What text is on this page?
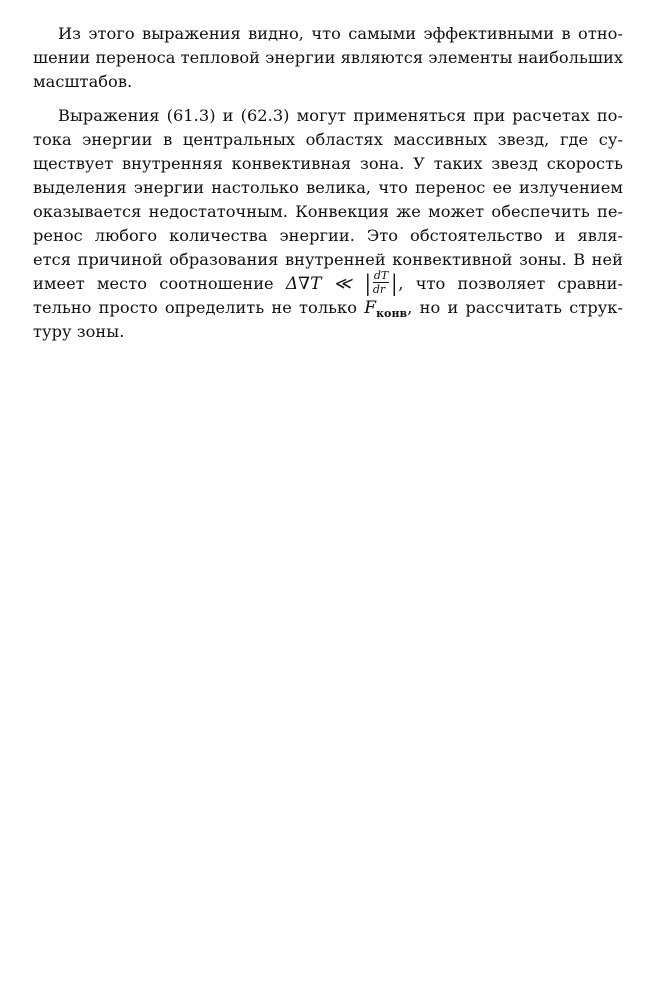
Из этого выражения видно, что самыми эффективными в отно-
шении переноса тепловой энергии являются элементы наибольших
масштабов.
Выражения (61.3) и (62.3) могут применяться при расчетах по-
тока энергии в центральных областях массивных звезд, где су-
ществует внутренняя конвективная зона. У таких звезд скорость
выделения энергии настолько велика, что перенос ее излучением
оказывается недостаточным. Конвекция же может обеспечить пе-
ренос любого количества энергии. Это обстоятельство и явля-
ется причиной образования внутренней конвективной зоны. В ней
имеет место соотношение Δ∇T ≪ | $\frac{dT}{dr}$ |, что позволяет сравни-
тельно просто определить не только $F_{конв}$, но и рассчитать струк-
туру зоны.
